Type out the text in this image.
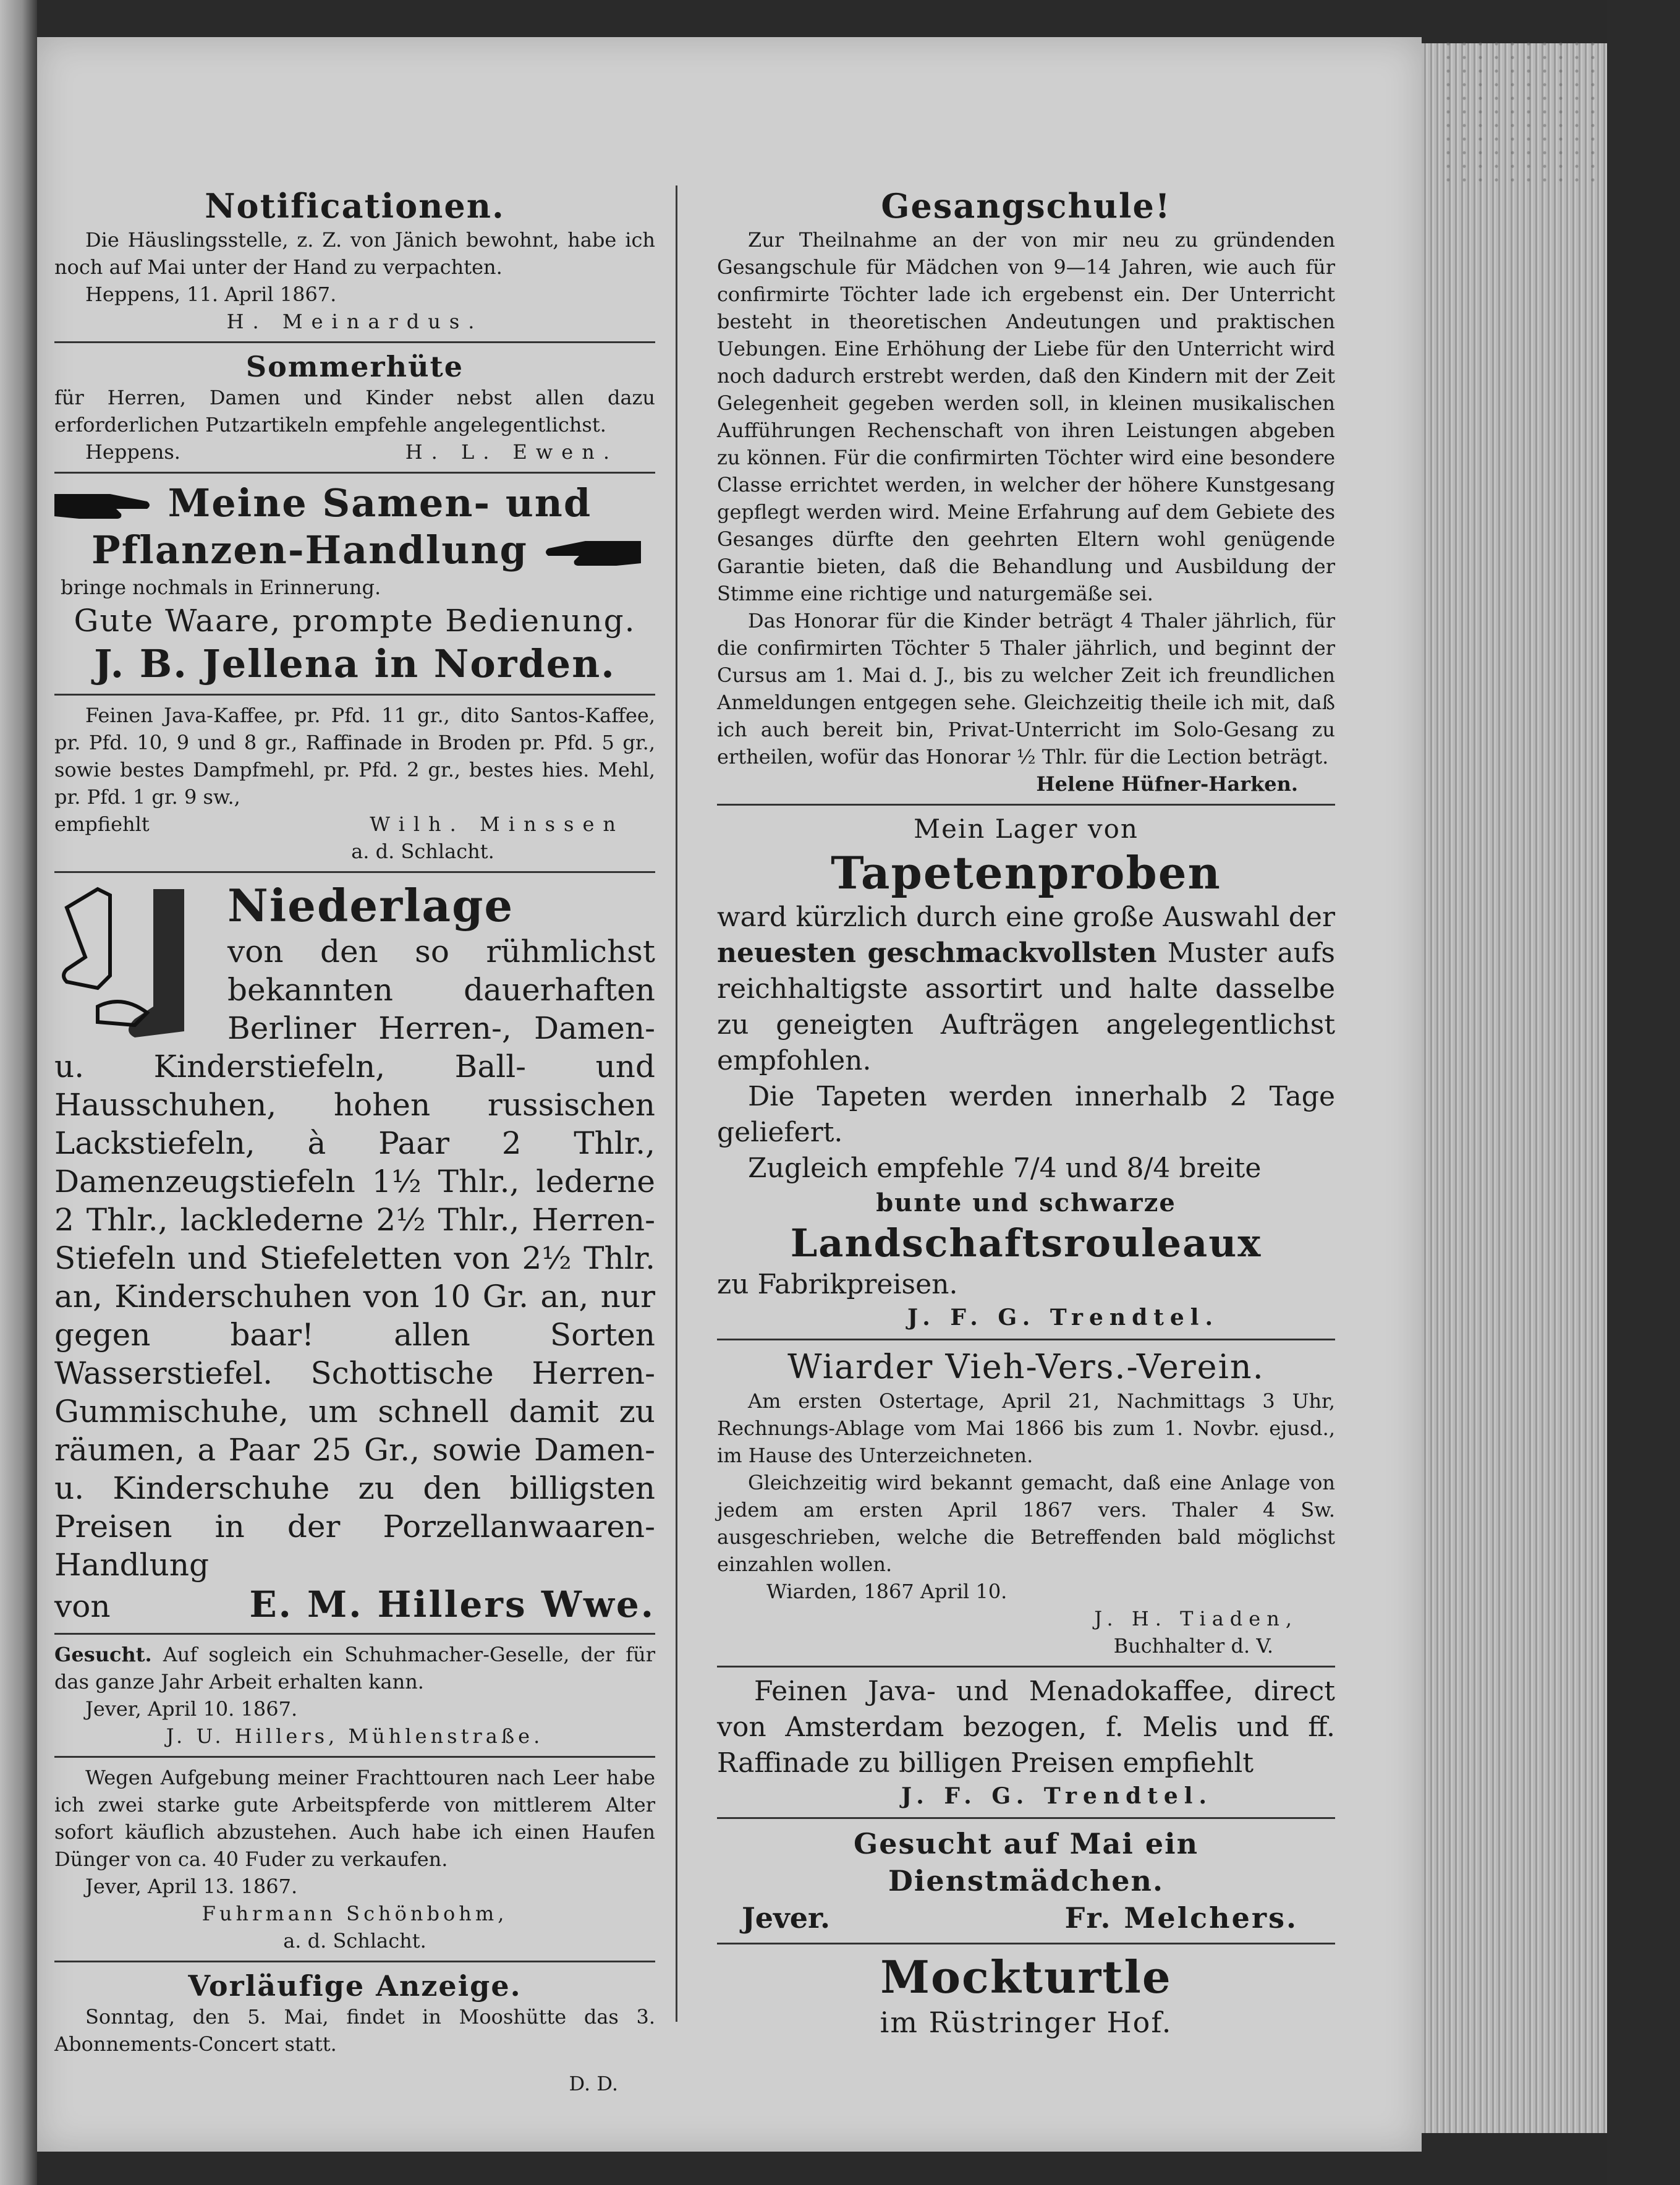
Notificationen.
Die Häuslingsstelle, z. Z. von Jänich bewohnt, habe ich noch auf Mai unter der Hand zu verpachten.
Heppens, 11. April 1867.
H. Meinardus.
Sommerhüte
für Herren, Damen und Kinder nebst allen dazu erforderlichen Putzartikeln empfehle angelegentlichst.
Heppens.	H. L. Ewen.
Meine Samen- und
Pflanzen-Handlung
bringe nochmals in Erinnerung.
Gute Waare, prompte Bedienung.
J. B. Jellena in Norden.
Feinen Java-Kaffee, pr. Pfd. 11 gr., dito Santos-Kaffee, pr. Pfd. 10, 9 und 8 gr., Raffinade in Broden pr. Pfd. 5 gr., sowie bestes Dampfmehl, pr. Pfd. 2 gr., bestes hies. Mehl, pr. Pfd. 1 gr. 9 sw.,
empfiehlt	Wilh. Minssen
a. d. Schlacht.
Niederlage
von den so rühmlichst bekannten dauerhaften Berliner Herren-, Damen- u. Kinderstiefeln, Ball- und Hausschuhen, hohen russischen Lackstiefeln, à Paar 2 Thlr., Damenzeugstiefeln 1½ Thlr., lederne 2 Thlr., lacklederne 2½ Thlr., Herren-Stiefeln und Stiefeletten von 2½ Thlr. an, Kinderschuhen von 10 Gr. an, nur gegen baar! allen Sorten Wasserstiefel. Schottische Herren-Gummischuhe, um schnell damit zu räumen, a Paar 25 Gr., sowie Damen- u. Kinderschuhe zu den billigsten Preisen in der Porzellanwaaren-Handlung
von	E. M. Hillers Wwe.
Gesucht. Auf sogleich ein Schuhmacher-Geselle, der für das ganze Jahr Arbeit erhalten kann.
Jever, April 10. 1867.
J. U. Hillers, Mühlenstraße.
Wegen Aufgebung meiner Frachttouren nach Leer habe ich zwei starke gute Arbeitspferde von mittlerem Alter sofort käuflich abzustehen. Auch habe ich einen Haufen Dünger von ca. 40 Fuder zu verkaufen.
Jever, April 13. 1867.
Fuhrmann Schönbohm,
a. d. Schlacht.
Vorläufige Anzeige.
Sonntag, den 5. Mai, findet in Mooshütte das 3. Abonnements-Concert statt.
D. D.
Gesangschule!
Zur Theilnahme an der von mir neu zu gründenden Gesangschule für Mädchen von 9—14 Jahren, wie auch für confirmirte Töchter lade ich ergebenst ein. Der Unterricht besteht in theoretischen Andeutungen und praktischen Uebungen. Eine Erhöhung der Liebe für den Unterricht wird noch dadurch erstrebt werden, daß den Kindern mit der Zeit Gelegenheit gegeben werden soll, in kleinen musikalischen Aufführungen Rechenschaft von ihren Leistungen abgeben zu können. Für die confirmirten Töchter wird eine besondere Classe errichtet werden, in welcher der höhere Kunstgesang gepflegt werden wird. Meine Erfahrung auf dem Gebiete des Gesanges dürfte den geehrten Eltern wohl genügende Garantie bieten, daß die Behandlung und Ausbildung der Stimme eine richtige und naturgemäße sei.
Das Honorar für die Kinder beträgt 4 Thaler jährlich, für die confirmirten Töchter 5 Thaler jährlich, und beginnt der Cursus am 1. Mai d. J., bis zu welcher Zeit ich freundlichen Anmeldungen entgegen sehe. Gleichzeitig theile ich mit, daß ich auch bereit bin, Privat-Unterricht im Solo-Gesang zu ertheilen, wofür das Honorar ½ Thlr. für die Lection beträgt.
Helene Hüfner-Harken.
Mein Lager von
Tapetenproben
ward kürzlich durch eine große Auswahl der neuesten geschmackvollsten Muster aufs reichhaltigste assortirt und halte dasselbe zu geneigten Aufträgen angelegentlichst empfohlen.
Die Tapeten werden innerhalb 2 Tage geliefert.
Zugleich empfehle 7/4 und 8/4 breite
bunte und schwarze
Landschaftsrouleaux
zu Fabrikpreisen.
J. F. G. Trendtel.
Wiarder Vieh-Vers.-Verein.
Am ersten Ostertage, April 21, Nachmittags 3 Uhr, Rechnungs-Ablage vom Mai 1866 bis zum 1. Novbr. ejusd., im Hause des Unterzeichneten.
Gleichzeitig wird bekannt gemacht, daß eine Anlage von jedem am ersten April 1867 vers. Thaler 4 Sw. ausgeschrieben, welche die Betreffenden bald möglichst einzahlen wollen.
Wiarden, 1867 April 10.
J. H. Tiaden,
Buchhalter d. V.
Feinen Java- und Menadokaffee, direct von Amsterdam bezogen, f. Melis und ff. Raffinade zu billigen Preisen empfiehlt
J. F. G. Trendtel.
Gesucht auf Mai ein Dienstmädchen.
Jever.	Fr. Melchers.
Mockturtle
im Rüstringer Hof.
